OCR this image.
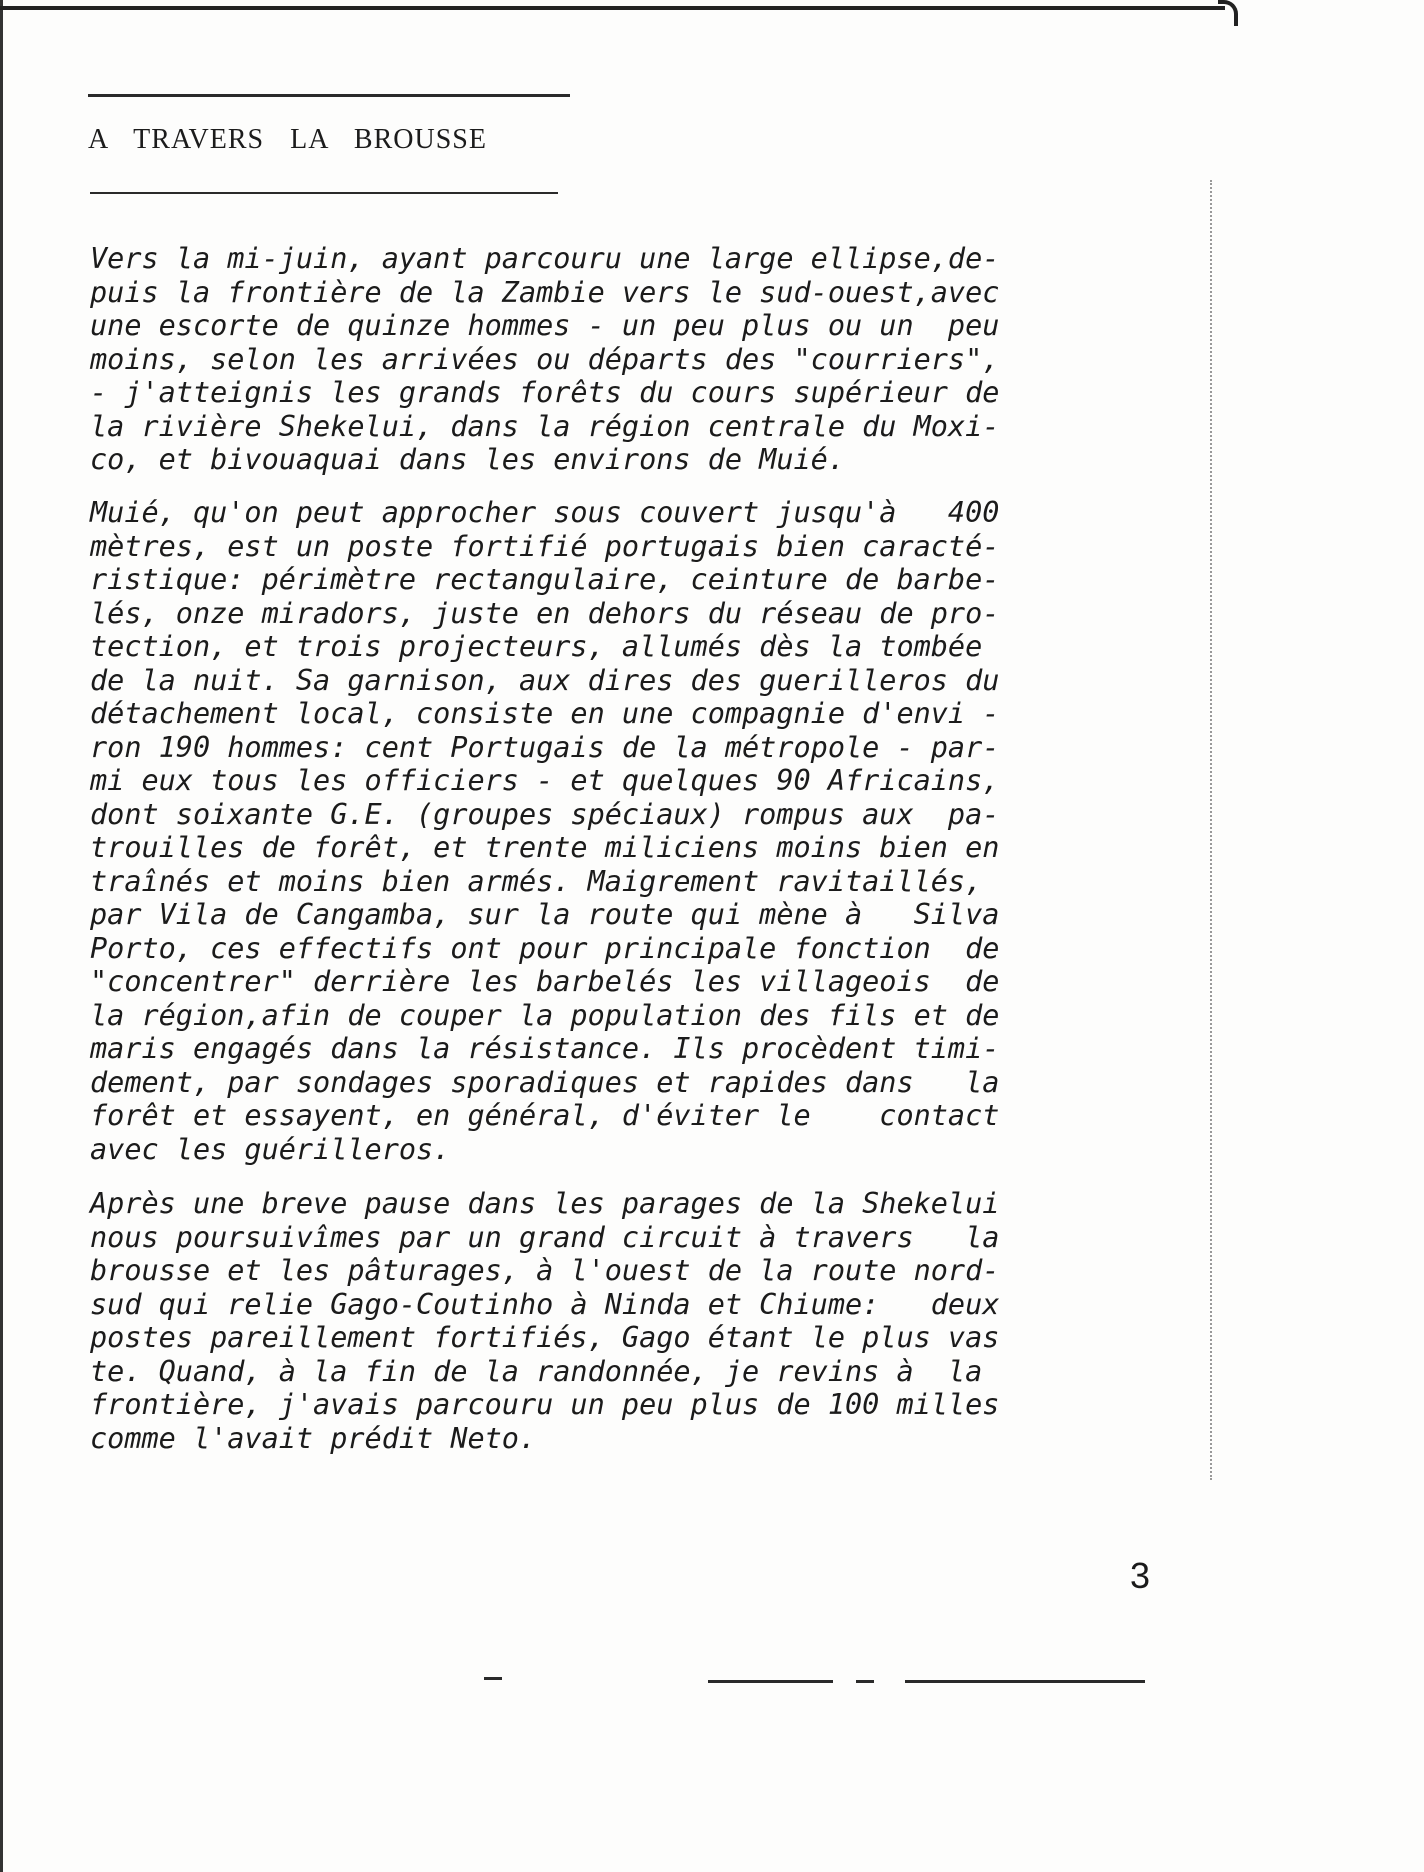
A TRAVERS LA BROUSSE
Vers la mi-juin, ayant parcouru une large ellipse,de-
puis la frontière de la Zambie vers le sud-ouest,avec
une escorte de quinze hommes - un peu plus ou un  peu
moins, selon les arrivées ou départs des "courriers",
- j'atteignis les grands forêts du cours supérieur de
la rivière Shekelui, dans la région centrale du Moxi-
co, et bivouaquai dans les environs de Muié.
Muié, qu'on peut approcher sous couvert jusqu'à   400
mètres, est un poste fortifié portugais bien caracté-
ristique: périmètre rectangulaire, ceinture de barbe-
lés, onze miradors, juste en dehors du réseau de pro-
tection, et trois projecteurs, allumés dès la tombée
de la nuit. Sa garnison, aux dires des guerilleros du
détachement local, consiste en une compagnie d'envi -
ron 190 hommes: cent Portugais de la métropole - par-
mi eux tous les officiers - et quelques 90 Africains,
dont soixante G.E. (groupes spéciaux) rompus aux  pa-
trouilles de forêt, et trente miliciens moins bien en
traînés et moins bien armés. Maigrement ravitaillés,
par Vila de Cangamba, sur la route qui mène à   Silva
Porto, ces effectifs ont pour principale fonction  de
"concentrer" derrière les barbelés les villageois  de
la région,afin de couper la population des fils et de
maris engagés dans la résistance. Ils procèdent timi-
dement, par sondages sporadiques et rapides dans   la
forêt et essayent, en général, d'éviter le    contact
avec les guérilleros.
Après une breve pause dans les parages de la Shekelui
nous poursuivîmes par un grand circuit à travers   la
brousse et les pâturages, à l'ouest de la route nord-
sud qui relie Gago-Coutinho à Ninda et Chiume:   deux
postes pareillement fortifiés, Gago étant le plus vas
te. Quand, à la fin de la randonnée, je revins à  la
frontière, j'avais parcouru un peu plus de 100 milles
comme l'avait prédit Neto.
3
